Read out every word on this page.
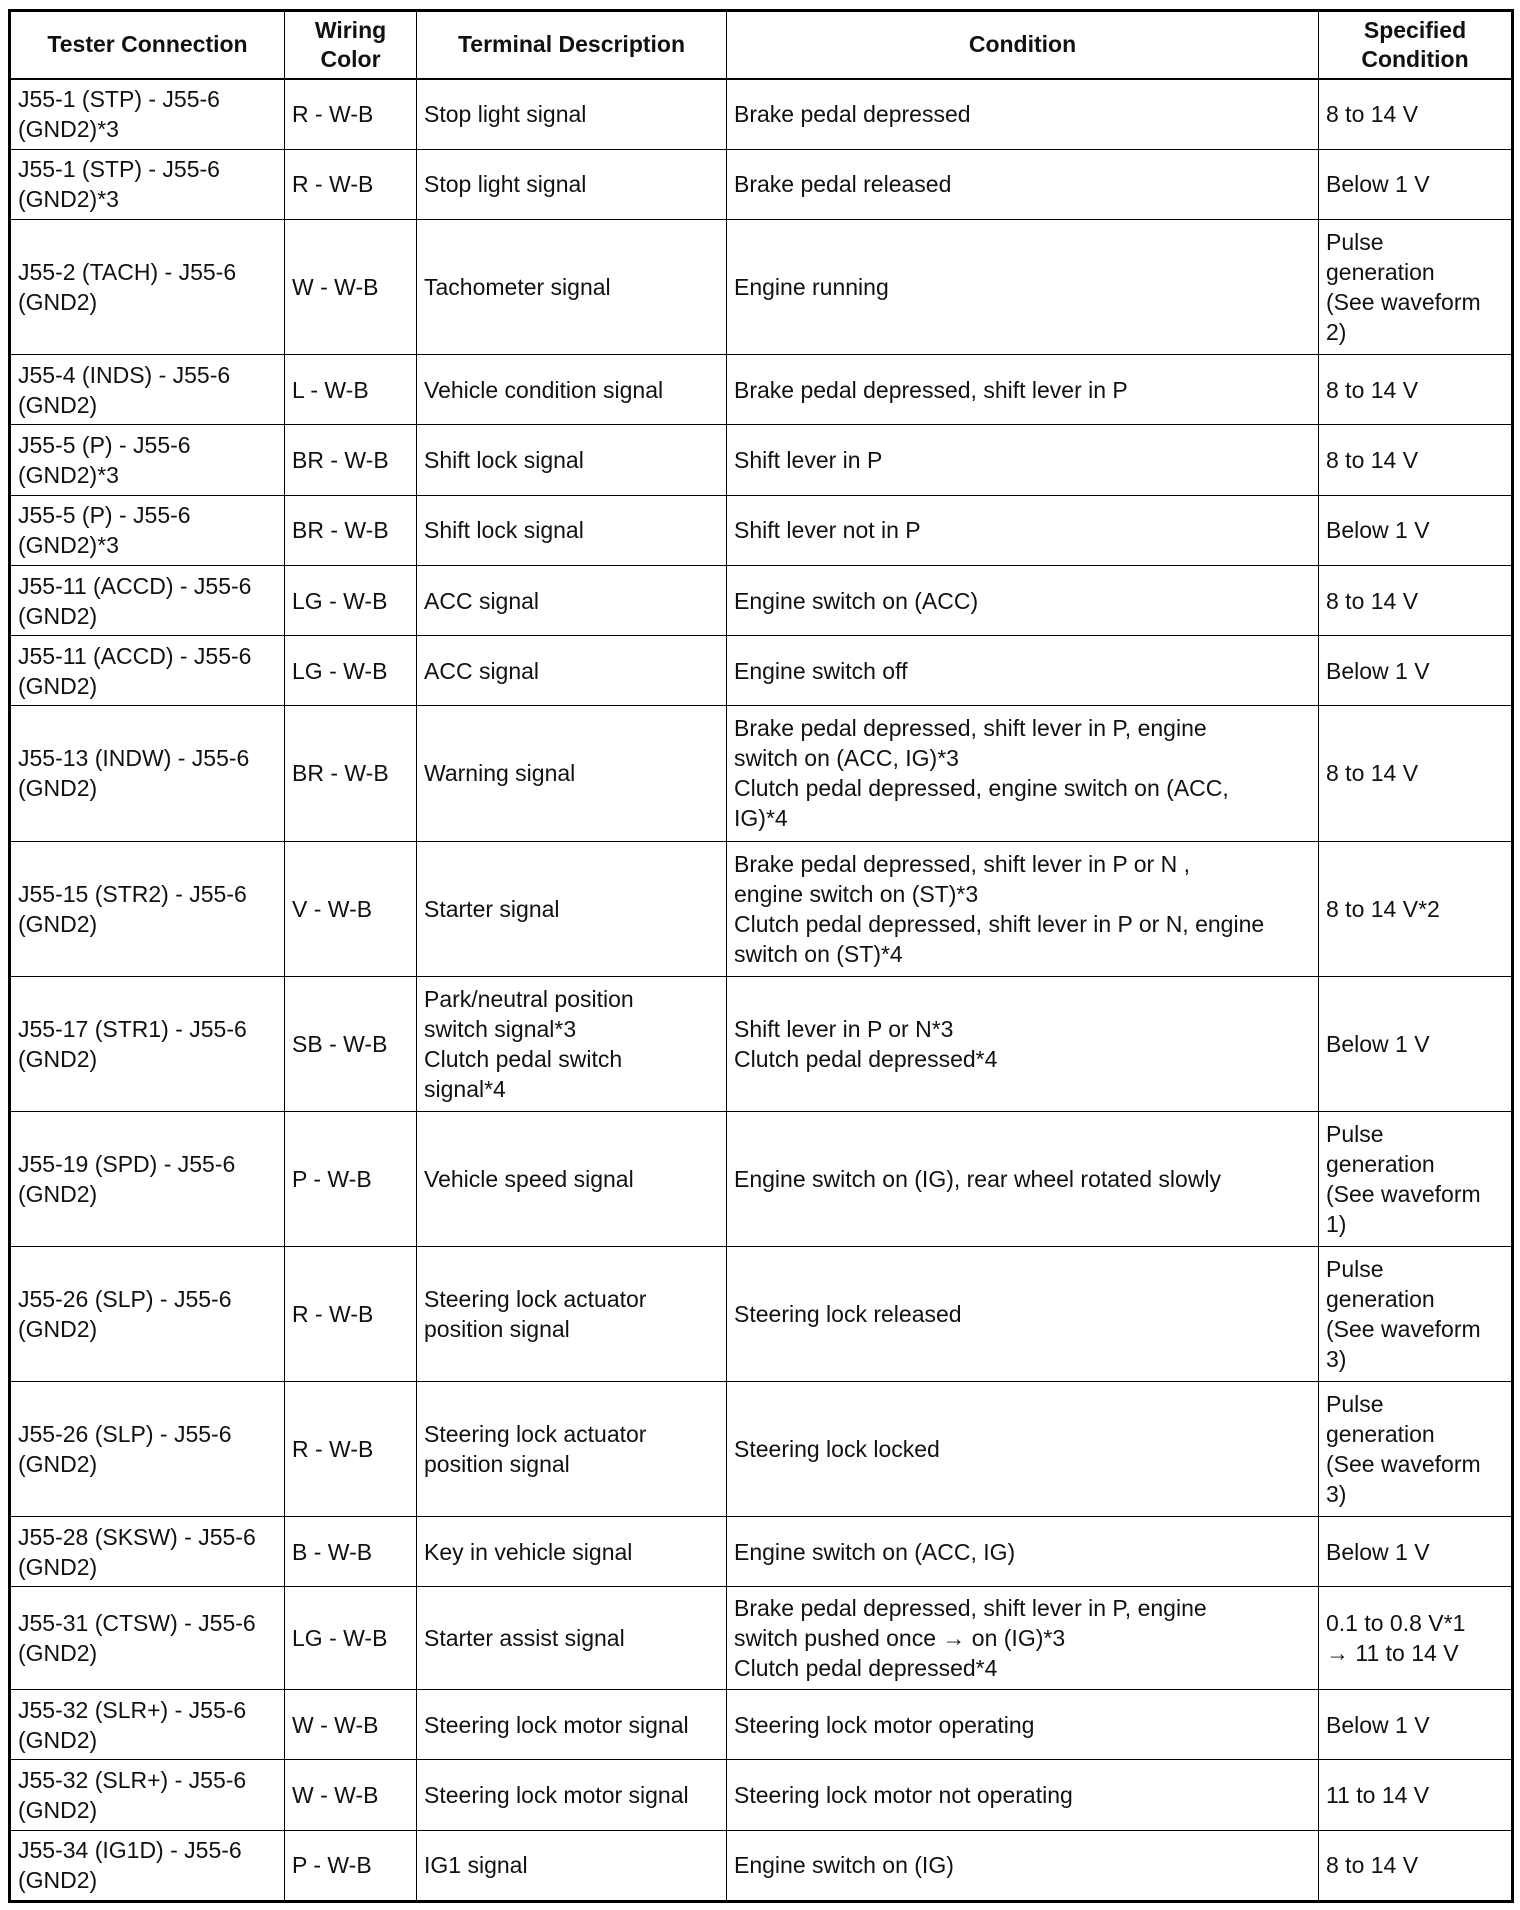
Tester Connection	Wiring
Color	Terminal Description	Condition	Specified
Condition

J55-1 (STP) - J55-6
(GND2)*3	R - W-B	Stop light signal	Brake pedal depressed	8 to 14 V

J55-1 (STP) - J55-6
(GND2)*3	R - W-B	Stop light signal	Brake pedal released	Below 1 V

J55-2 (TACH) - J55-6
(GND2)	W - W-B	Tachometer signal	Engine running	Pulse
generation
(See waveform
2)

J55-4 (INDS) - J55-6
(GND2)	L - W-B	Vehicle condition signal	Brake pedal depressed, shift lever in P	8 to 14 V

J55-5 (P) - J55-6
(GND2)*3	BR - W-B	Shift lock signal	Shift lever in P	8 to 14 V

J55-5 (P) - J55-6
(GND2)*3	BR - W-B	Shift lock signal	Shift lever not in P	Below 1 V

J55-11 (ACCD) - J55-6
(GND2)	LG - W-B	ACC signal	Engine switch on (ACC)	8 to 14 V

J55-11 (ACCD) - J55-6
(GND2)	LG - W-B	ACC signal	Engine switch off	Below 1 V

J55-13 (INDW) - J55-6
(GND2)	BR - W-B	Warning signal	Brake pedal depressed, shift lever in P, engine
switch on (ACC, IG)*3
Clutch pedal depressed, engine switch on (ACC,
IG)*4	8 to 14 V

J55-15 (STR2) - J55-6
(GND2)	V - W-B	Starter signal	Brake pedal depressed, shift lever in P or N ,
engine switch on (ST)*3
Clutch pedal depressed, shift lever in P or N, engine
switch on (ST)*4	8 to 14 V*2

J55-17 (STR1) - J55-6
(GND2)	SB - W-B	Park/neutral position
switch signal*3
Clutch pedal switch
signal*4	Shift lever in P or N*3
Clutch pedal depressed*4	Below 1 V

J55-19 (SPD) - J55-6
(GND2)	P - W-B	Vehicle speed signal	Engine switch on (IG), rear wheel rotated slowly	Pulse
generation
(See waveform
1)

J55-26 (SLP) - J55-6
(GND2)	R - W-B	Steering lock actuator
position signal	Steering lock released	Pulse
generation
(See waveform
3)

J55-26 (SLP) - J55-6
(GND2)	R - W-B	Steering lock actuator
position signal	Steering lock locked	Pulse
generation
(See waveform
3)

J55-28 (SKSW) - J55-6
(GND2)	B - W-B	Key in vehicle signal	Engine switch on (ACC, IG)	Below 1 V

J55-31 (CTSW) - J55-6
(GND2)	LG - W-B	Starter assist signal	Brake pedal depressed, shift lever in P, engine
switch pushed once → on (IG)*3
Clutch pedal depressed*4	0.1 to 0.8 V*1
→ 11 to 14 V

J55-32 (SLR+) - J55-6
(GND2)	W - W-B	Steering lock motor signal	Steering lock motor operating	Below 1 V

J55-32 (SLR+) - J55-6
(GND2)	W - W-B	Steering lock motor signal	Steering lock motor not operating	11 to 14 V

J55-34 (IG1D) - J55-6
(GND2)	P - W-B	IG1 signal	Engine switch on (IG)	8 to 14 V
